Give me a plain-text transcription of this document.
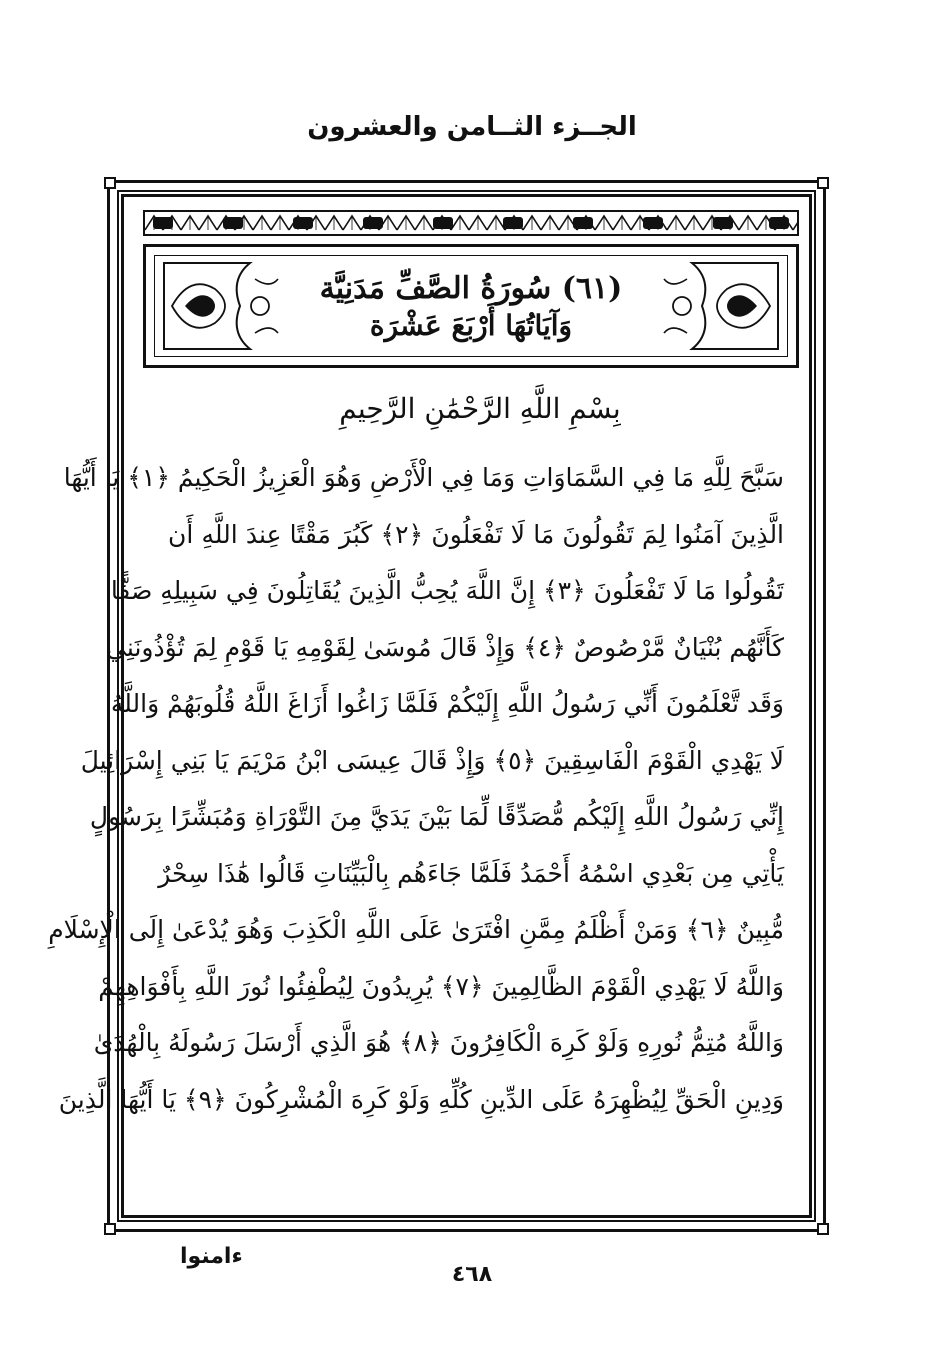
الجــزء الثــامن والعشرون
(٦١) سُورَةُ الصَّفِّ مَدَنِيَّة
وَآيَاتُهَا أَرْبَعَ عَشْرَة
بِسْمِ اللَّهِ الرَّحْمَٰنِ الرَّحِيمِ
سَبَّحَ لِلَّهِ مَا فِي السَّمَاوَاتِ وَمَا فِي الْأَرْضِ وَهُوَ الْعَزِيزُ الْحَكِيمُ ﴿١﴾ يَا أَيُّهَا
الَّذِينَ آمَنُوا لِمَ تَقُولُونَ مَا لَا تَفْعَلُونَ ﴿٢﴾ كَبُرَ مَقْتًا عِندَ اللَّهِ أَن
تَقُولُوا مَا لَا تَفْعَلُونَ ﴿٣﴾ إِنَّ اللَّهَ يُحِبُّ الَّذِينَ يُقَاتِلُونَ فِي سَبِيلِهِ صَفًّا
كَأَنَّهُم بُنْيَانٌ مَّرْصُوصٌ ﴿٤﴾ وَإِذْ قَالَ مُوسَىٰ لِقَوْمِهِ يَا قَوْمِ لِمَ تُؤْذُونَنِي
وَقَد تَّعْلَمُونَ أَنِّي رَسُولُ اللَّهِ إِلَيْكُمْ فَلَمَّا زَاغُوا أَزَاغَ اللَّهُ قُلُوبَهُمْ وَاللَّهُ
لَا يَهْدِي الْقَوْمَ الْفَاسِقِينَ ﴿٥﴾ وَإِذْ قَالَ عِيسَى ابْنُ مَرْيَمَ يَا بَنِي إِسْرَائِيلَ
إِنِّي رَسُولُ اللَّهِ إِلَيْكُم مُّصَدِّقًا لِّمَا بَيْنَ يَدَيَّ مِنَ التَّوْرَاةِ وَمُبَشِّرًا بِرَسُولٍ
يَأْتِي مِن بَعْدِي اسْمُهُ أَحْمَدُ فَلَمَّا جَاءَهُم بِالْبَيِّنَاتِ قَالُوا هَٰذَا سِحْرٌ
مُّبِينٌ ﴿٦﴾ وَمَنْ أَظْلَمُ مِمَّنِ افْتَرَىٰ عَلَى اللَّهِ الْكَذِبَ وَهُوَ يُدْعَىٰ إِلَى الْإِسْلَامِ
وَاللَّهُ لَا يَهْدِي الْقَوْمَ الظَّالِمِينَ ﴿٧﴾ يُرِيدُونَ لِيُطْفِئُوا نُورَ اللَّهِ بِأَفْوَاهِهِمْ
وَاللَّهُ مُتِمُّ نُورِهِ وَلَوْ كَرِهَ الْكَافِرُونَ ﴿٨﴾ هُوَ الَّذِي أَرْسَلَ رَسُولَهُ بِالْهُدَىٰ
وَدِينِ الْحَقِّ لِيُظْهِرَهُ عَلَى الدِّينِ كُلِّهِ وَلَوْ كَرِهَ الْمُشْرِكُونَ ﴿٩﴾ يَا أَيُّهَا الَّذِينَ
ءامنوا
٤٦٨
